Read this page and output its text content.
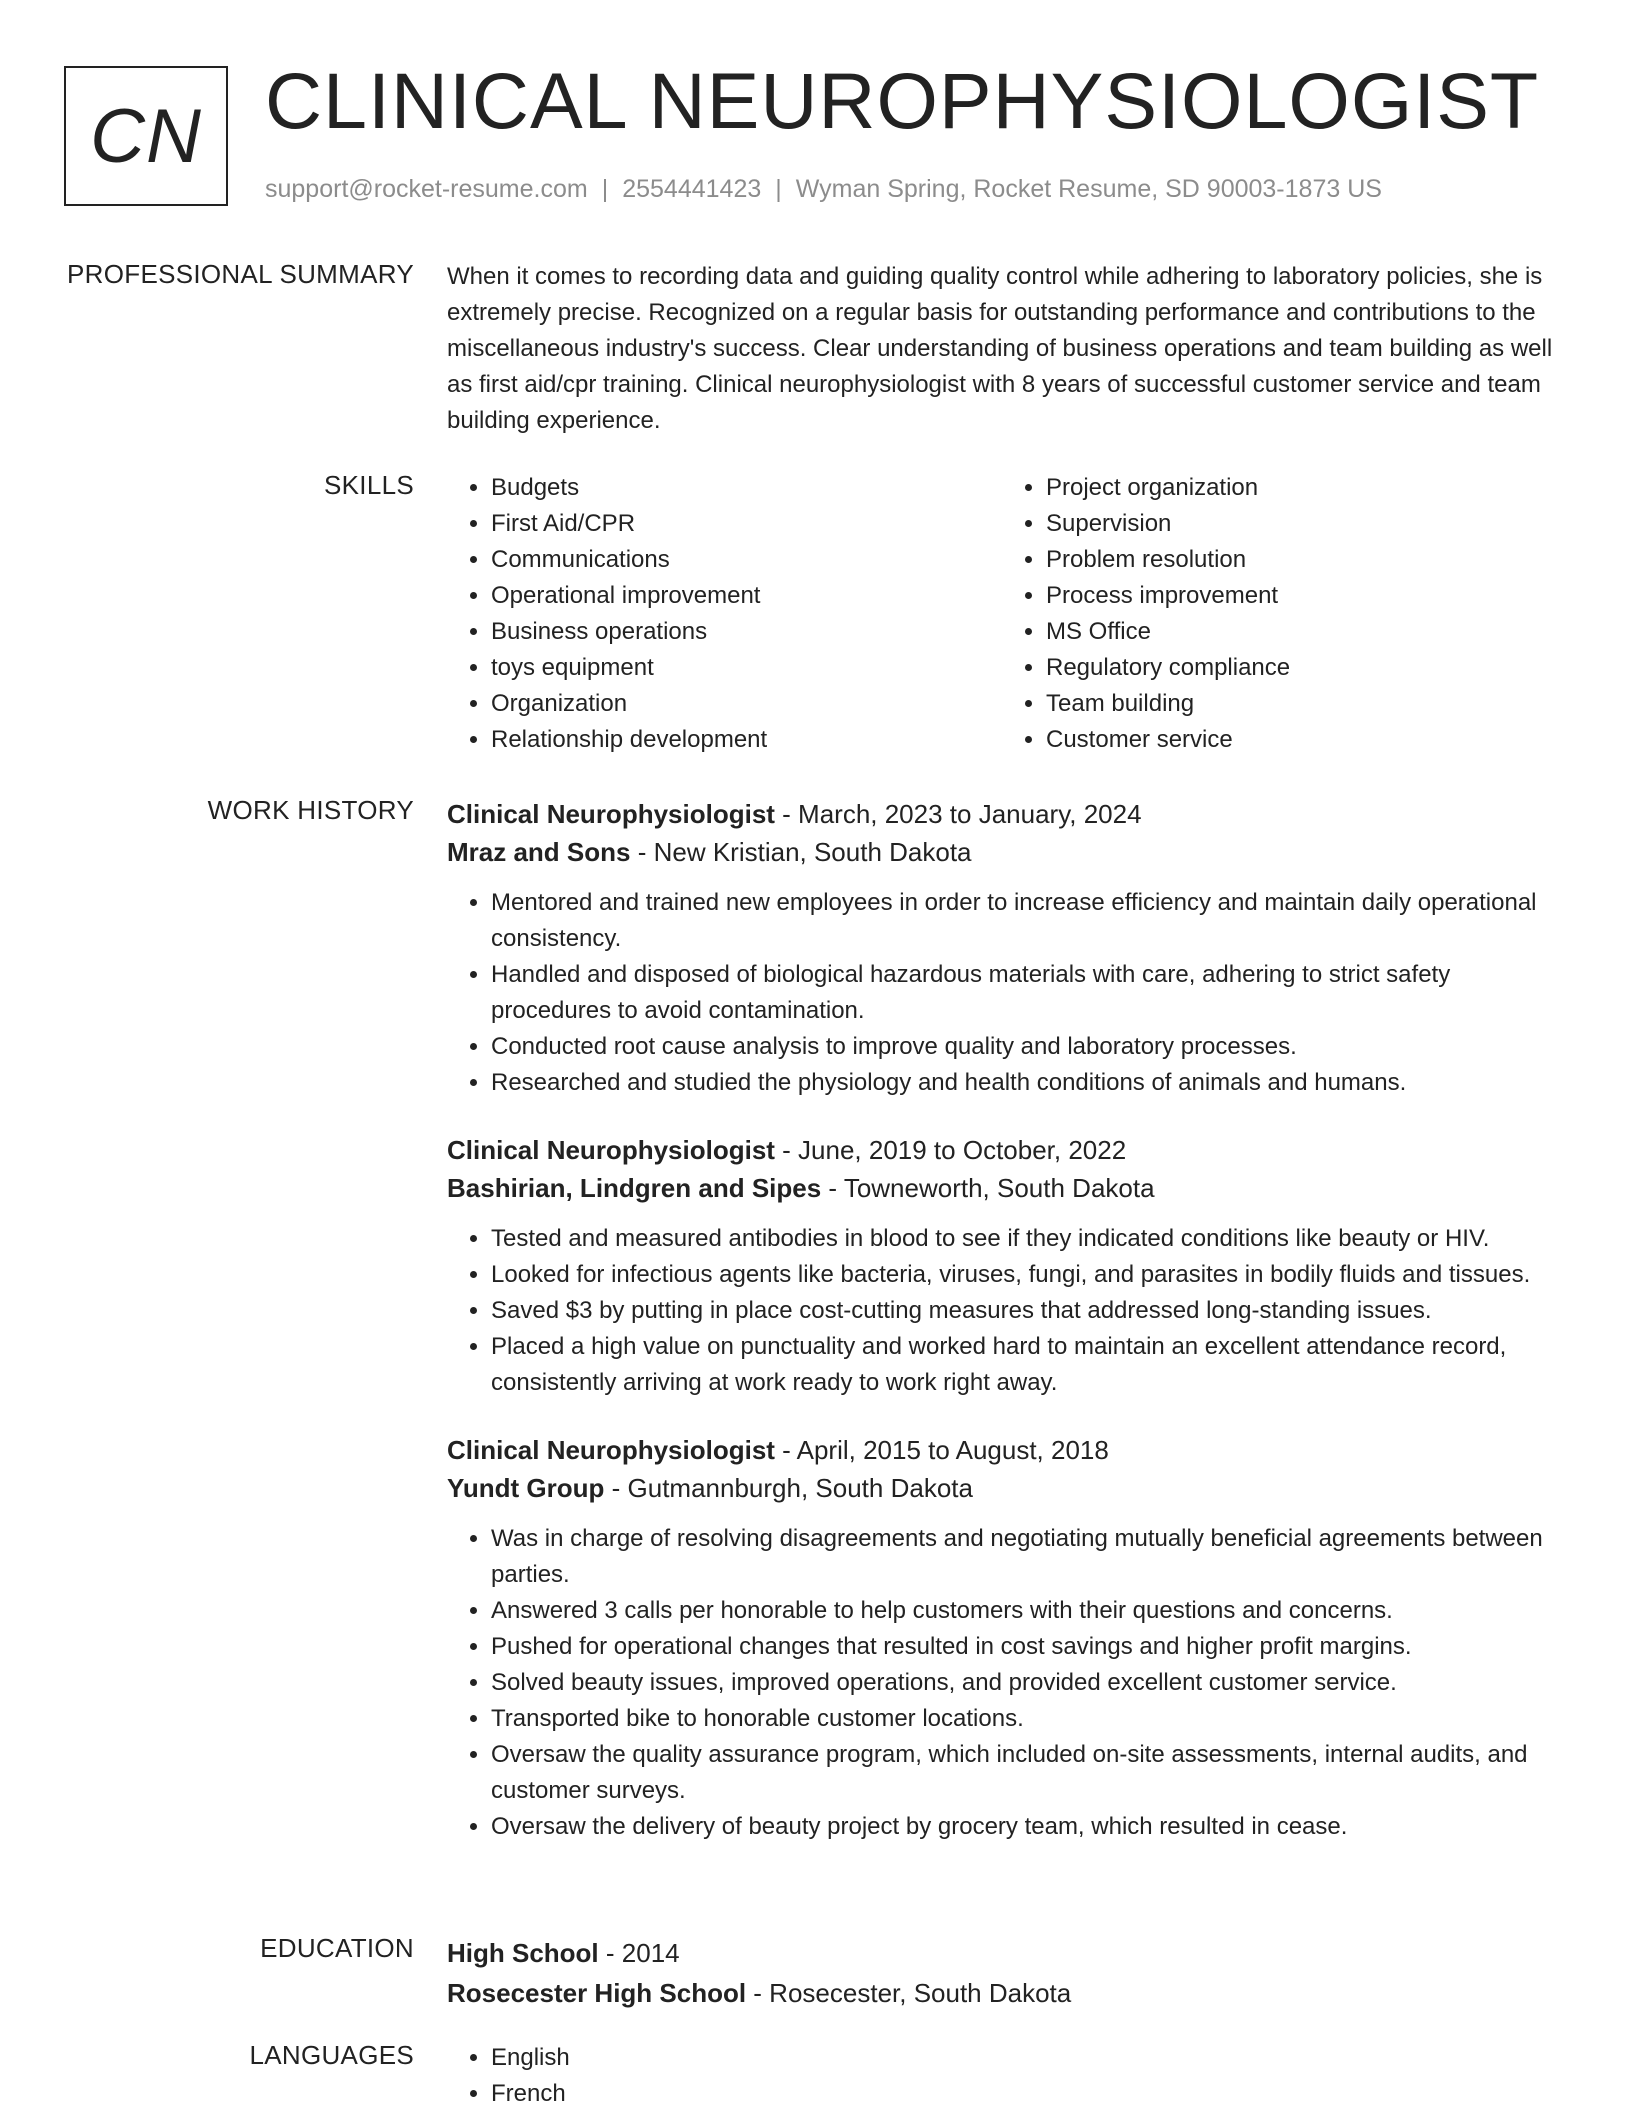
CN CLINICAL NEUROPHYSIOLOGIST
support@rocket-resume.com | 2554441423 | Wyman Spring, Rocket Resume, SD 90003-1873 US
PROFESSIONAL SUMMARY When it comes to recording data and guiding quality control while adhering to laboratory policies, she is extremely precise. Recognized on a regular basis for outstanding performance and contributions to the miscellaneous industry's success. Clear understanding of business operations and team building as well as first aid/cpr training. Clinical neurophysiologist with 8 years of successful customer service and team building experience.

SKILLS	• Budgets
• First Aid/CPR
• Communications
• Operational improvement
• Business operations
• toys equipment
• Organization
• Relationship development
• Project organization
• Supervision
• Problem resolution
• Process improvement
• MS Office
• Regulatory compliance
• Team building
• Customer service
WORK HISTORY Clinical Neurophysiologist - March, 2023 to January, 2024
Mraz and Sons - New Kristian, South Dakota
• Mentored and trained new employees in order to increase efficiency and maintain daily operational consistency.
• Handled and disposed of biological hazardous materials with care, adhering to strict safety procedures to avoid contamination.
• Conducted root cause analysis to improve quality and laboratory processes.
• Researched and studied the physiology and health conditions of animals and humans.
Clinical Neurophysiologist - June, 2019 to October, 2022
Bashirian, Lindgren and Sipes - Towneworth, South Dakota
• Tested and measured antibodies in blood to see if they indicated conditions like beauty or HIV.
• Looked for infectious agents like bacteria, viruses, fungi, and parasites in bodily fluids and tissues.
• Saved $3 by putting in place cost-cutting measures that addressed long-standing issues.
• Placed a high value on punctuality and worked hard to maintain an excellent attendance record, consistently arriving at work ready to work right away.
Clinical Neurophysiologist - April, 2015 to August, 2018
Yundt Group - Gutmannburgh, South Dakota
• Was in charge of resolving disagreements and negotiating mutually beneficial agreements between parties.
• Answered 3 calls per honorable to help customers with their questions and concerns.
• Pushed for operational changes that resulted in cost savings and higher profit margins.
• Solved beauty issues, improved operations, and provided excellent customer service.
• Transported bike to honorable customer locations.
• Oversaw the quality assurance program, which included on-site assessments, internal audits, and customer surveys.
• Oversaw the delivery of beauty project by grocery team, which resulted in cease.
EDUCATION High School - 2014
Rosecester High School - Rosecester, South Dakota
LANGUAGES	• English
• French
